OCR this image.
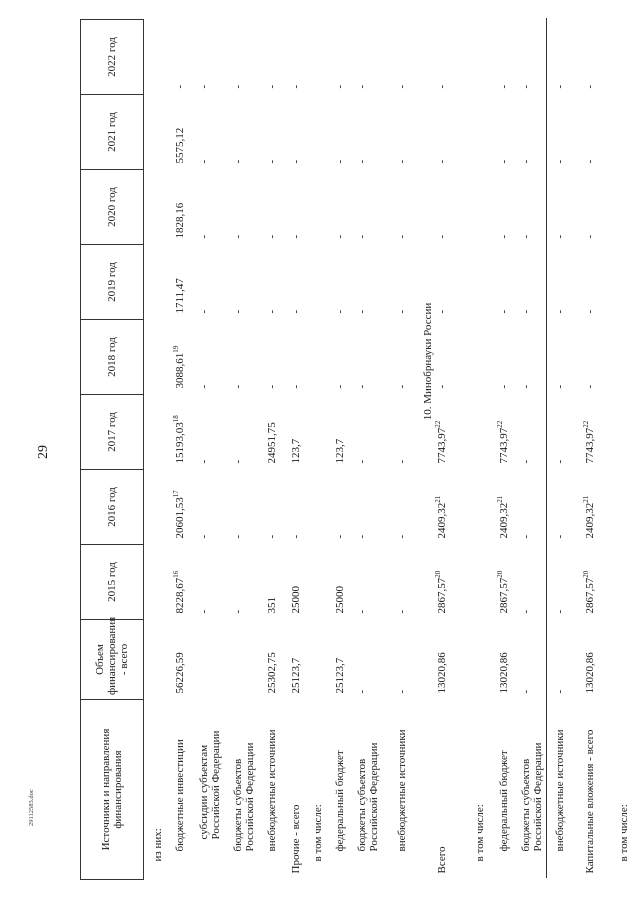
29
29112583.doc	Источники и направления финансирования	Объем финансирования - всего	2015 год	2016 год	2017 год	2018 год	2019 год	2020 год	2021 год	2022 год

из них:									
бюджетные инвестиции	56226,59	8228,67$^{16}$	20601,53$^{17}$	15193,03$^{18}$	3088,61$^{19}$	1711,47	1828,16	5575,12	-
субсидии субъектам Российской Федерации		-	-	-	-	-	-	-	-
бюджеты субъектов Российской Федерации		-	-	-	-	-	-	-	-
внебюджетные источники	25302,75	351	-	24951,75	-	-	-	-	-
Прочие - всего	25123,7	25000	-	123,7	-	-	-	-	-
в том числе:									
федеральный бюджет	25123,7	25000	-	123,7	-	-	-	-	-
бюджеты субъектов Российской Федерации	-	-	-	-	-	-	-	-	-
внебюджетные источники	-	-	-	-	-	-	-	-	-
10. Минобрнауки России									
Всего	13020,86	2867,57$^{20}$	2409,32$^{21}$	7743,97$^{22}$	-	-	-	-	-
в том числе:									
федеральный бюджет	13020,86	2867,57$^{20}$	2409,32$^{21}$	7743,97$^{22}$	-	-	-	-	-
бюджеты субъектов Российской Федерации	-	-	-	-	-	-	-	-	-
внебюджетные источники	-	-	-	-	-	-	-	-	-
Капитальные вложения - всего	13020,86	2867,57$^{20}$	2409,32$^{21}$	7743,97$^{22}$	-	-	-	-	-
в том числе:									
